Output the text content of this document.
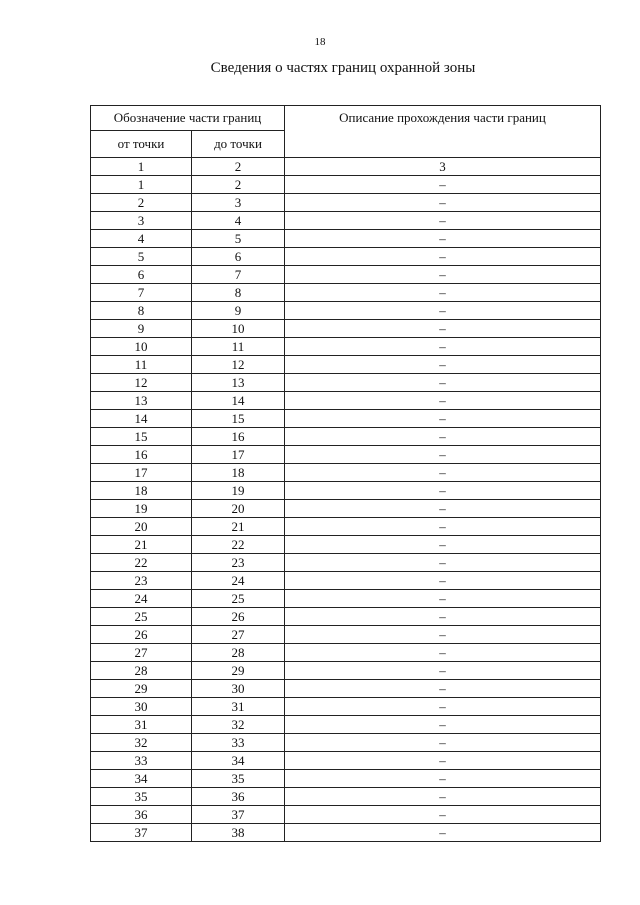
18
Сведения о частях границ охранной зоны
Обозначение части границ		Описание прохождения части границ
от точки	до точки	
1	2	3
1	2	–
2	3	–
3	4	–
4	5	–
5	6	–
6	7	–
7	8	–
8	9	–
9	10	–
10	11	–
11	12	–
12	13	–
13	14	–
14	15	–
15	16	–
16	17	–
17	18	–
18	19	–
19	20	–
20	21	–
21	22	–
22	23	–
23	24	–
24	25	–
25	26	–
26	27	–
27	28	–
28	29	–
29	30	–
30	31	–
31	32	–
32	33	–
33	34	–
34	35	–
35	36	–
36	37	–
37	38	–
